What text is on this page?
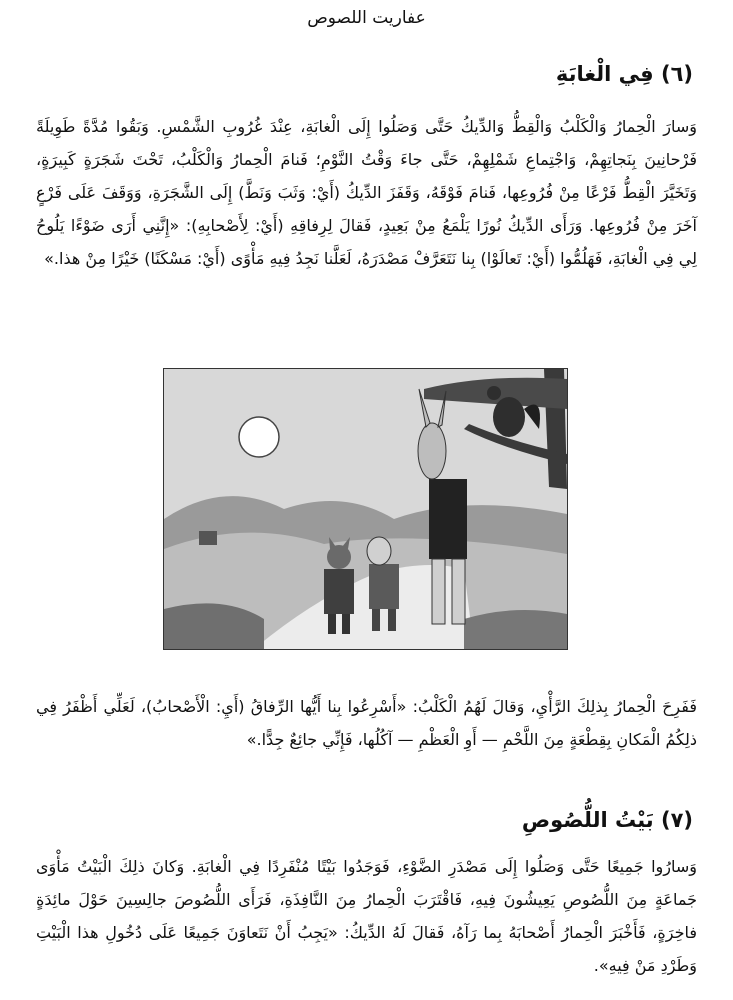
عفاريت اللصوص
(٦) فِي الْغابَةِ
وَسارَ الْحِمارُ وَالْكَلْبُ وَالْقِطُّ وَالدِّيكُ حَتَّى وَصَلُوا إِلَى الْغابَةِ، عِنْدَ غُرُوبِ الشَّمْسِ. وَبَقُوا مُدَّةً طَوِيلَةً فَرْحانِينَ بِنَجاتِهِمْ، وَاجْتِماعِ شَمْلِهِمْ، حَتَّى جاءَ وَقْتُ النَّوْمِ؛ فَنامَ الْحِمارُ وَالْكَلْبُ، تَحْتَ شَجَرَةٍ كَبِيرَةٍ، وَتَخَيَّرَ الْقِطُّ فَرْعًا مِنْ فُرُوعِها، فَنامَ فَوْقَهُ، وَقَفَزَ الدِّيكُ (أَيْ: وَثَبَ وَنَطَّ) إِلَى الشَّجَرَةِ، وَوَقَفَ عَلَى فَرْعٍ آخَرَ مِنْ فُرُوعِها. وَرَأَى الدِّيكُ نُورًا يَلْمَعُ مِنْ بَعِيدٍ، فَقالَ لِرِفاقِهِ (أَيْ: لِأَصْحابِهِ): «إِنَّنِي أَرَى ضَوْءًا يَلُوحُ لِي فِي الْغابَةِ، فَهَلُمُّوا (أَيْ: تَعالَوْا) بِنا نَتَعَرَّفْ مَصْدَرَهُ، لَعَلَّنا نَجِدُ فِيهِ مَأْوًى (أَيْ: مَسْكَنًا) خَيْرًا مِنْ هذا.»
فَفَرِحَ الْحِمارُ بِذلِكَ الرَّأْيِ، وَقالَ لَهُمُ الْكَلْبُ: «أَسْرِعُوا بِنا أَيُّها الرِّفاقُ (أَيِ: الْأَصْحابُ)، لَعَلِّي أَظْفَرُ فِي ذلِكُمُ الْمَكانِ بِقِطْعَةٍ مِنَ اللَّحْمِ — أَوِ الْعَظْمِ — آكُلُها، فَإِنِّي جائِعٌ جِدًّا.»
(٧) بَيْتُ اللُّصُوصِ
وَسارُوا جَمِيعًا حَتَّى وَصَلُوا إِلَى مَصْدَرِ الضَّوْءِ، فَوَجَدُوا بَيْتًا مُنْفَرِدًا فِي الْغابَةِ. وَكانَ ذلِكَ الْبَيْتُ مَأْوَى جَماعَةٍ مِنَ اللُّصُوصِ يَعِيشُونَ فِيهِ، فَاقْتَرَبَ الْحِمارُ مِنَ النَّافِذَةِ، فَرَأَى اللُّصُوصَ جالِسِينَ حَوْلَ مائِدَةٍ فاخِرَةٍ، فَأَخْبَرَ الْحِمارُ أَصْحابَهُ بِما رَآهُ، فَقالَ لَهُ الدِّيكُ: «يَجِبُ أَنْ نَتَعاوَنَ جَمِيعًا عَلَى دُخُولِ هذا الْبَيْتِ وَطَرْدِ مَنْ فِيهِ».
